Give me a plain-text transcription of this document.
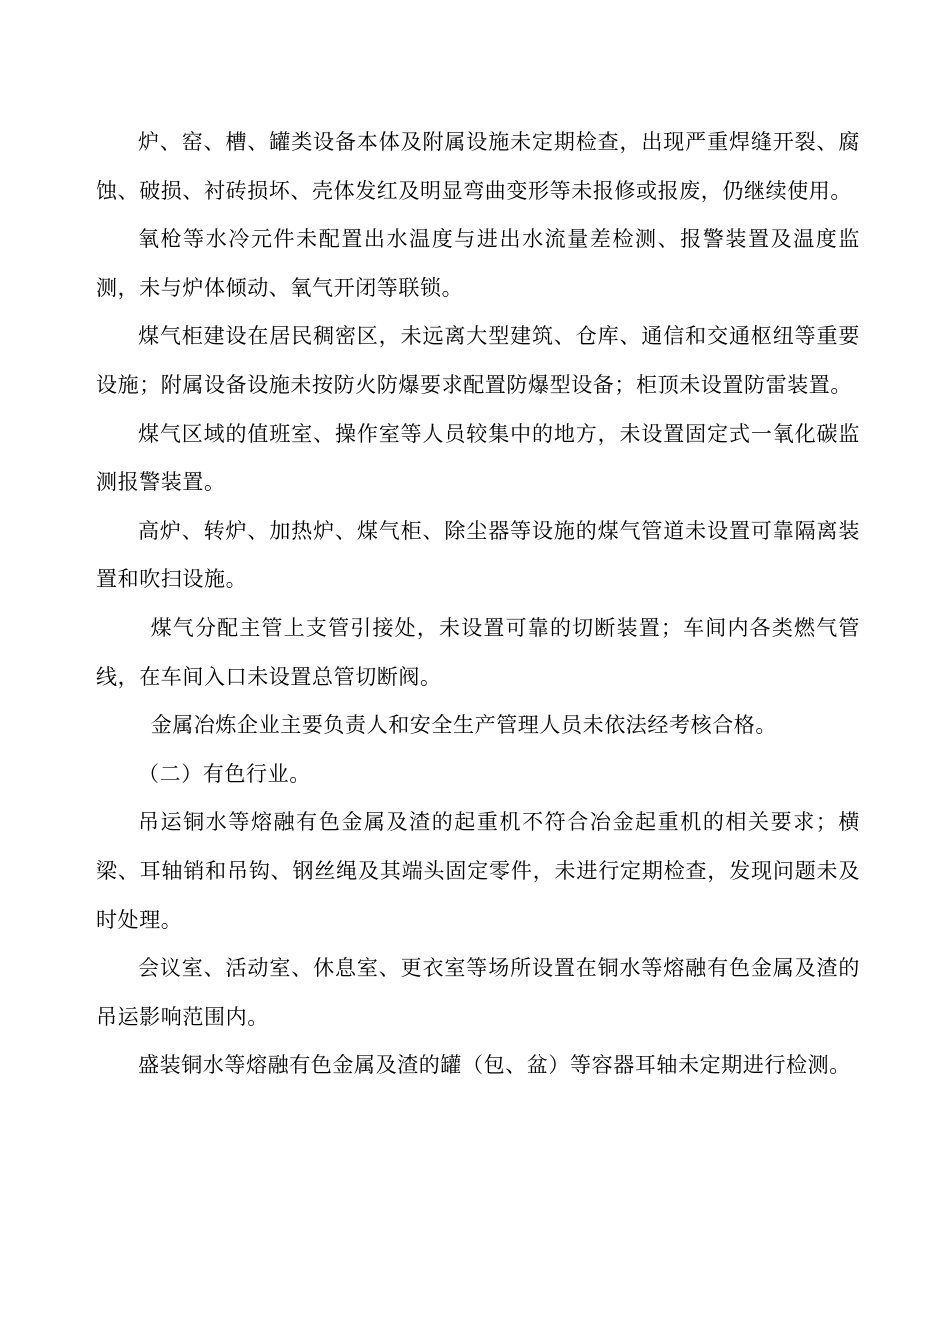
炉、窑、槽、罐类设备本体及附属设施未定期检查，出现严重焊缝开裂、腐蚀、破损、衬砖损坏、壳体发红及明显弯曲变形等未报修或报废，仍继续使用。

氧枪等水冷元件未配置出水温度与进出水流量差检测、报警装置及温度监测，未与炉体倾动、氧气开闭等联锁。

煤气柜建设在居民稠密区，未远离大型建筑、仓库、通信和交通枢纽等重要设施；附属设备设施未按防火防爆要求配置防爆型设备；柜顶未设置防雷装置。

煤气区域的值班室、操作室等人员较集中的地方，未设置固定式一氧化碳监测报警装置。

高炉、转炉、加热炉、煤气柜、除尘器等设施的煤气管道未设置可靠隔离装置和吹扫设施。

煤气分配主管上支管引接处，未设置可靠的切断装置；车间内各类燃气管线，在车间入口未设置总管切断阀。

金属冶炼企业主要负责人和安全生产管理人员未依法经考核合格。

（二）有色行业。

吊运铜水等熔融有色金属及渣的起重机不符合冶金起重机的相关要求；横梁、耳轴销和吊钩、钢丝绳及其端头固定零件，未进行定期检查，发现问题未及时处理。

会议室、活动室、休息室、更衣室等场所设置在铜水等熔融有色金属及渣的吊运影响范围内。

盛装铜水等熔融有色金属及渣的罐（包、盆）等容器耳轴未定期进行检测。
